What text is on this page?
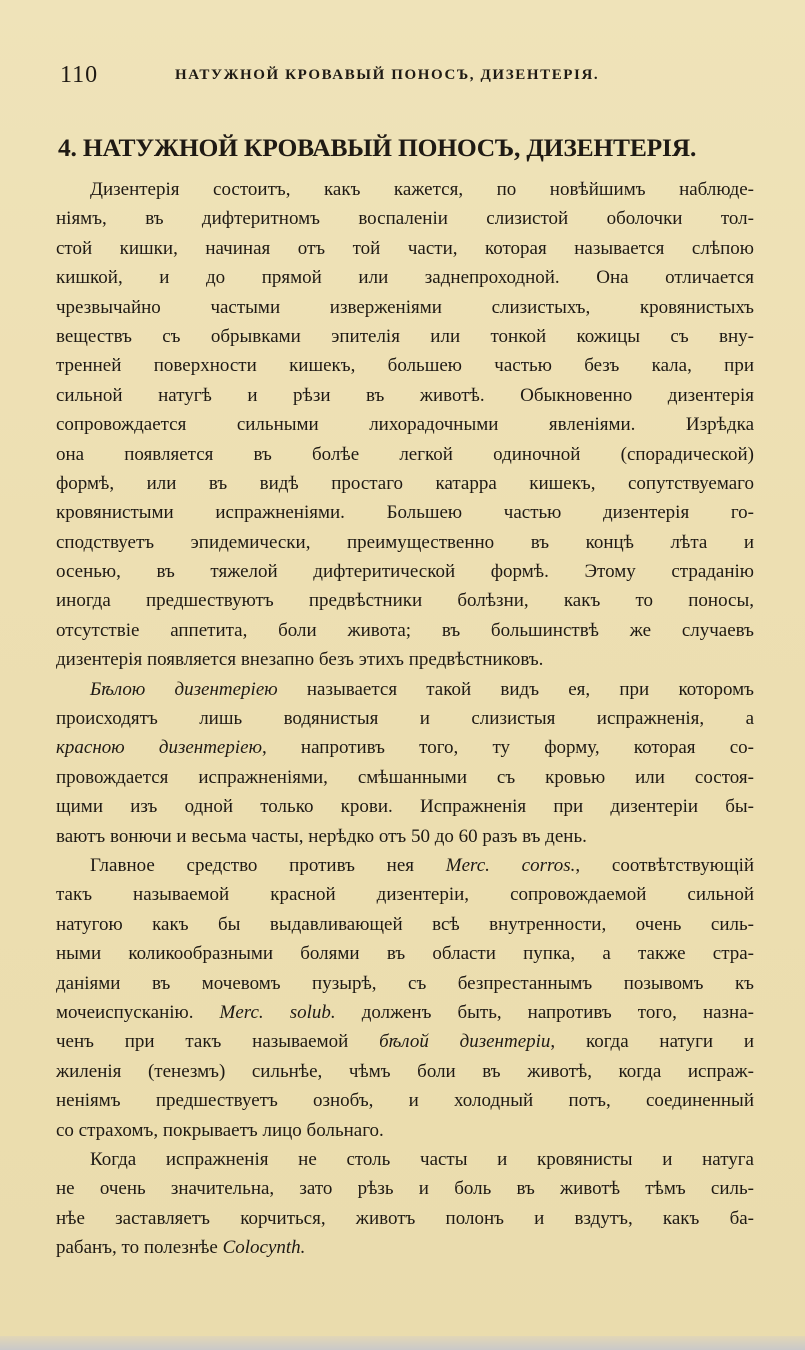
110	НАТУЖНОЙ КРОВАВЫЙ ПОНОСЪ, ДИЗЕНТЕРІЯ.
4. НАТУЖНОЙ КРОВАВЫЙ ПОНОСЪ, ДИЗЕНТЕРІЯ.
Дизентерія состоитъ, какъ кажется, по новѣйшимъ наблюде-
ніямъ, въ дифтеритномъ воспаленіи слизистой оболочки тол-
стой кишки, начиная отъ той части, которая называется слѣпою
кишкой, и до прямой или заднепроходной. Она отличается
чрезвычайно частыми изверженіями слизистыхъ, кровянистыхъ
веществъ съ обрывками эпителія или тонкой кожицы съ вну-
тренней поверхности кишекъ, большею частью безъ кала, при
сильной натугѣ и рѣзи въ животѣ. Обыкновенно дизентерія
сопровождается сильными лихорадочными явленіями. Изрѣдка
она появляется въ болѣе легкой одиночной (спорадической)
формѣ, или въ видѣ простаго катарра кишекъ, сопутствуемаго
кровянистыми испражненіями. Большею частью дизентерія го-
сподствуетъ эпидемически, преимущественно въ концѣ лѣта и
осенью, въ тяжелой дифтеритической формѣ. Этому страданію
иногда предшествуютъ предвѣстники болѣзни, какъ то поносы,
отсутствіе аппетита, боли живота; въ большинствѣ же случаевъ
дизентерія появляется внезапно безъ этихъ предвѣстниковъ.
Бѣлою дизентеріею называется такой видъ ея, при которомъ
происходятъ лишь водянистыя и слизистыя испражненія, а
красною дизентеріею, напротивъ того, ту форму, которая со-
провождается испражненіями, смѣшанными съ кровью или состоя-
щими изъ одной только крови. Испражненія при дизентеріи бы-
ваютъ вонючи и весьма часты, нерѣдко отъ 50 до 60 разъ въ день.
Главное средство противъ нея Merc. corros., соотвѣтствующій
такъ называемой красной дизентеріи, сопровождаемой сильной
натугою какъ бы выдавливающей всѣ внутренности, очень силь-
ными коликообразными болями въ области пупка, а также стра-
даніями въ мочевомъ пузырѣ, съ безпрестаннымъ позывомъ къ
мочеиспусканію. Merc. solub. долженъ быть, напротивъ того, назна-
ченъ при такъ называемой бѣлой дизентеріи, когда натуги и
жиленія (тенезмъ) сильнѣе, чѣмъ боли въ животѣ, когда испраж-
неніямъ предшествуетъ ознобъ, и холодный потъ, соединенный
со страхомъ, покрываетъ лицо больнаго.
Когда испражненія не столь часты и кровянисты и натуга
не очень значительна, зато рѣзь и боль въ животѣ тѣмъ силь-
нѣе заставляетъ корчиться, животъ полонъ и вздутъ, какъ ба-
рабанъ, то полезнѣе Colocynth.
